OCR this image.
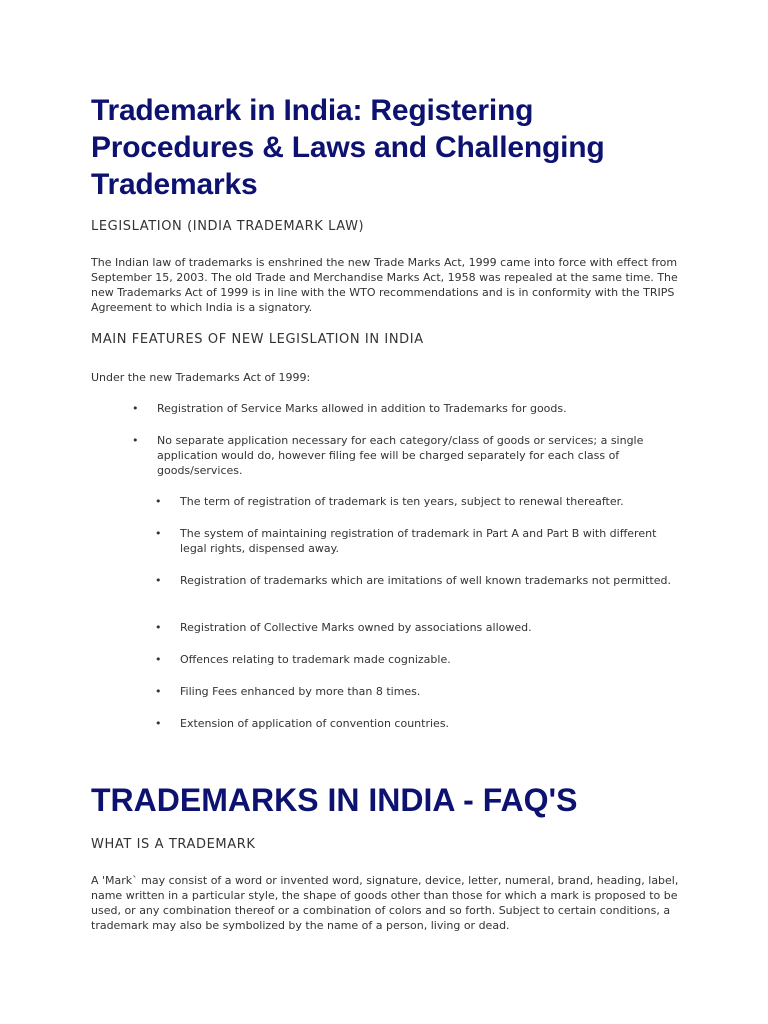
Trademark in India: Registering Procedures & Laws and Challenging Trademarks
LEGISLATION (INDIA TRADEMARK LAW)

The Indian law of trademarks is enshrined the new Trade Marks Act, 1999 came into force with effect from September 15, 2003. The old Trade and Merchandise Marks Act, 1958 was repealed at the same time. The new Trademarks Act of 1999 is in line with the WTO recommendations and is in conformity with the TRIPS Agreement to which India is a signatory.

MAIN FEATURES OF NEW LEGISLATION IN INDIA

Under the new Trademarks Act of 1999:

• Registration of Service Marks allowed in addition to Trademarks for goods.
• No separate application necessary for each category/class of goods or services; a single application would do, however filing fee will be charged separately for each class of goods/services.
• The term of registration of trademark is ten years, subject to renewal thereafter.
• The system of maintaining registration of trademark in Part A and Part B with different legal rights, dispensed away.
• Registration of trademarks which are imitations of well known trademarks not permitted.
• Registration of Collective Marks owned by associations allowed.
• Offences relating to trademark made cognizable.
• Filing Fees enhanced by more than 8 times.
• Extension of application of convention countries.
TRADEMARKS IN INDIA - FAQ'S
WHAT IS A TRADEMARK

A 'Mark` may consist of a word or invented word, signature, device, letter, numeral, brand, heading, label, name written in a particular style, the shape of goods other than those for which a mark is proposed to be used, or any combination thereof or a combination of colors and so forth. Subject to certain conditions, a trademark may also be symbolized by the name of a person, living or dead.
